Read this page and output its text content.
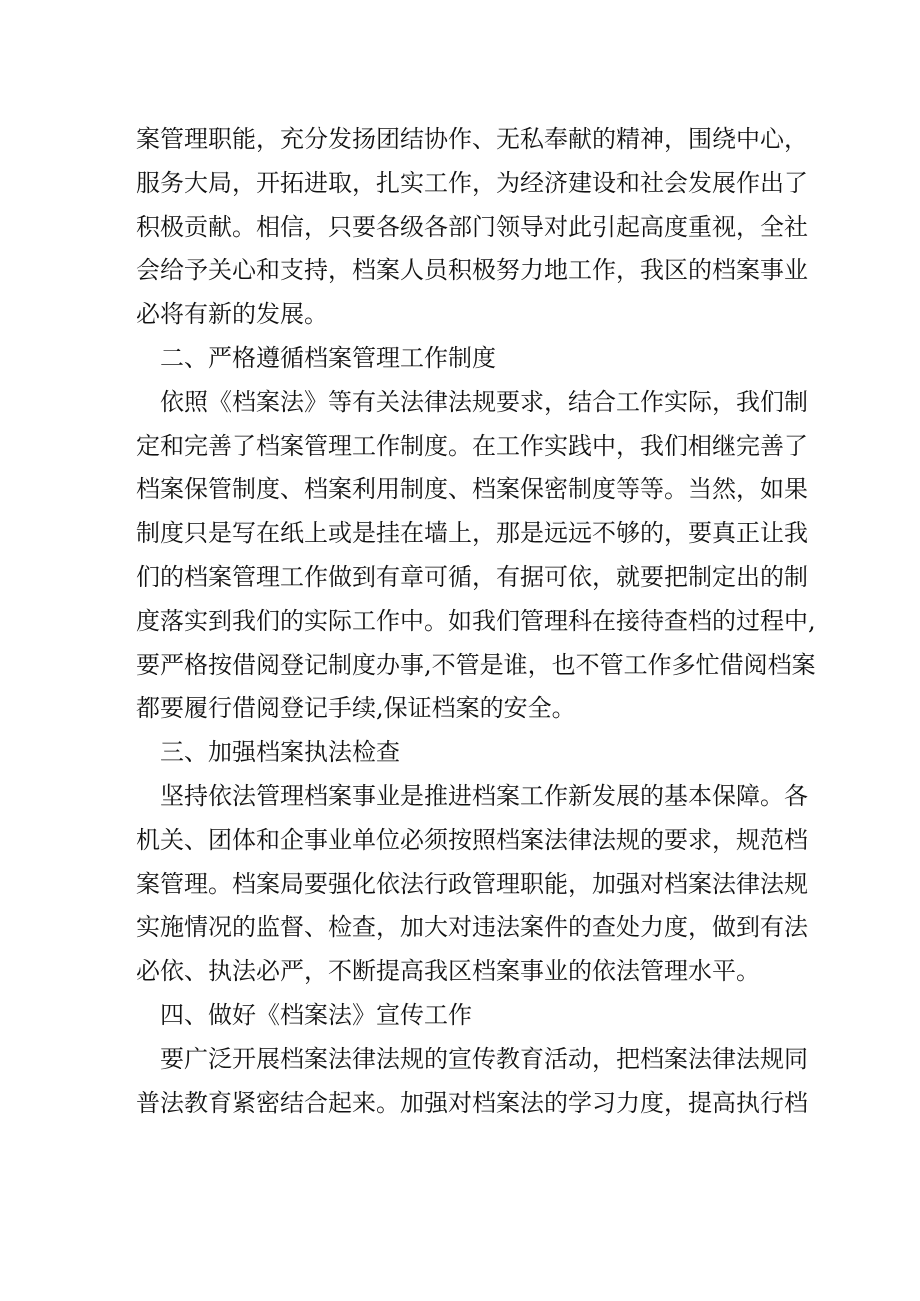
案管理职能，充分发扬团结协作、无私奉献的精神，围绕中心，
服务大局，开拓进取，扎实工作，为经济建设和社会发展作出了
积极贡献。相信，只要各级各部门领导对此引起高度重视，全社
会给予关心和支持，档案人员积极努力地工作，我区的档案事业
必将有新的发展。
二、严格遵循档案管理工作制度
依照《档案法》等有关法律法规要求，结合工作实际，我们制
定和完善了档案管理工作制度。在工作实践中，我们相继完善了
档案保管制度、档案利用制度、档案保密制度等等。当然，如果
制度只是写在纸上或是挂在墙上，那是远远不够的，要真正让我
们的档案管理工作做到有章可循，有据可依，就要把制定出的制
度落实到我们的实际工作中。如我们管理科在接待查档的过程中,
要严格按借阅登记制度办事,不管是谁，也不管工作多忙借阅档案
都要履行借阅登记手续,保证档案的安全。
三、加强档案执法检查
坚持依法管理档案事业是推进档案工作新发展的基本保障。各
机关、团体和企事业单位必须按照档案法律法规的要求，规范档
案管理。档案局要强化依法行政管理职能，加强对档案法律法规
实施情况的监督、检查，加大对违法案件的查处力度，做到有法
必依、执法必严，不断提高我区档案事业的依法管理水平。
四、做好《档案法》宣传工作
要广泛开展档案法律法规的宣传教育活动，把档案法律法规同
普法教育紧密结合起来。加强对档案法的学习力度，提高执行档
